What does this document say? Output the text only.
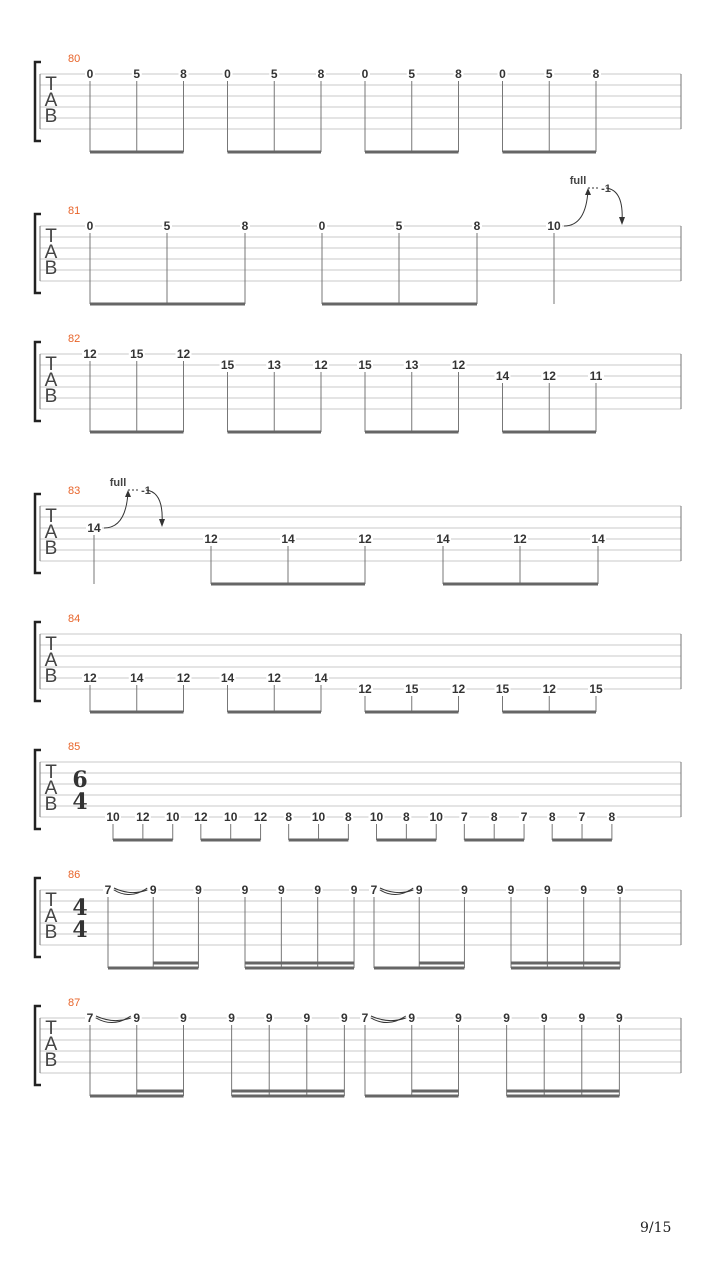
T
A
B
80
0	5	8	0	5	8	0	5	8	0	5	8
T
A
B
81
0	5	8	0	5	8	10
full
-1
T
A
B
82
12	15	12
15	13	12	15	13	12
14	12	11
T
A
B
83
14
full
-1
12	14	12	14	12	14
T
A
B
84
12	14	12	14	12	14
12	15	12	15	12	15
T
A
B
85
6
4
10 12 10 12 10 12 8 10 8 10 8 10 7 8 7 8 7 8
T
A
B
86
4
4
7	9	9	9 9 9 9 7	9	9	9 9 9 9
T
A
B
87
7	9	9	9	9	9	9 7	9	9	9	9	9	9
9/15
